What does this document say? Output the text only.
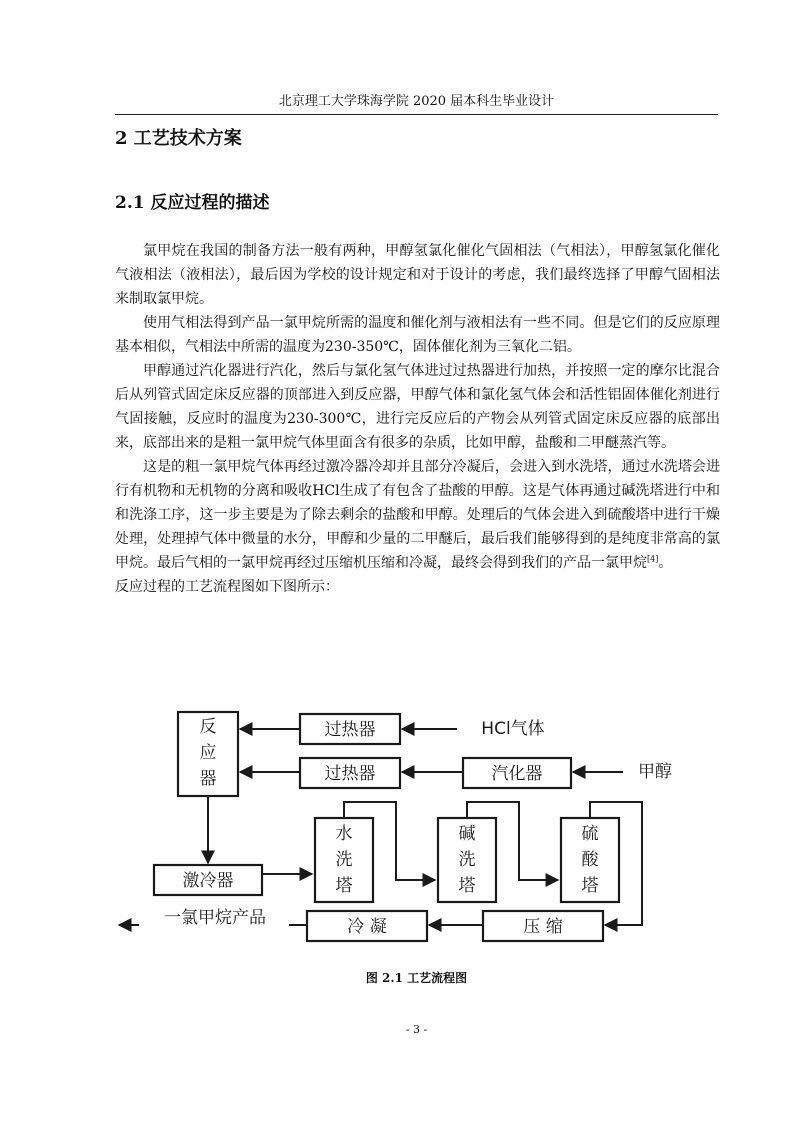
北京理工大学珠海学院 2020 届本科生毕业设计
2 工艺技术方案
2.1 反应过程的描述

氯甲烷在我国的制备方法一般有两种，甲醇氢氯化催化气固相法（气相法），甲醇氢氯化催化气液相法（液相法），最后因为学校的设计规定和对于设计的考虑，我们最终选择了甲醇气固相法来制取氯甲烷。

使用气相法得到产品一氯甲烷所需的温度和催化剂与液相法有一些不同。但是它们的反应原理基本相似，气相法中所需的温度为230-350℃，固体催化剂为三氧化二铝。

甲醇通过汽化器进行汽化，然后与氯化氢气体进过过热器进行加热，并按照一定的摩尔比混合后从列管式固定床反应器的顶部进入到反应器，甲醇气体和氯化氢气体会和活性铝固体催化剂进行气固接触，反应时的温度为230-300℃，进行完反应后的产物会从列管式固定床反应器的底部出来，底部出来的是粗一氯甲烷气体里面含有很多的杂质，比如甲醇，盐酸和二甲醚蒸汽等。

这是的粗一氯甲烷气体再经过激冷器冷却并且部分冷凝后，会进入到水洗塔，通过水洗塔会进行有机物和无机物的分离和吸收HCl生成了有包含了盐酸的甲醇。这是气体再通过碱洗塔进行中和和洗涤工序，这一步主要是为了除去剩余的盐酸和甲醇。处理后的气体会进入到硫酸塔中进行干燥处理，处理掉气体中微量的水分，甲醇和少量的二甲醚后，最后我们能够得到的是纯度非常高的氯甲烷。最后气相的一氯甲烷再经过压缩机压缩和冷凝，最终会得到我们的产品一氯甲烷[4]。

反应过程的工艺流程图如下图所示：

反
应
器
过热器	HCl气体
过热器	汽化器	甲醇
激冷器
水
洗
塔
碱
洗
塔
硫
酸
塔
压 缩
冷 凝
一氯甲烷产品
图 2.1 工艺流程图
- 3 -
